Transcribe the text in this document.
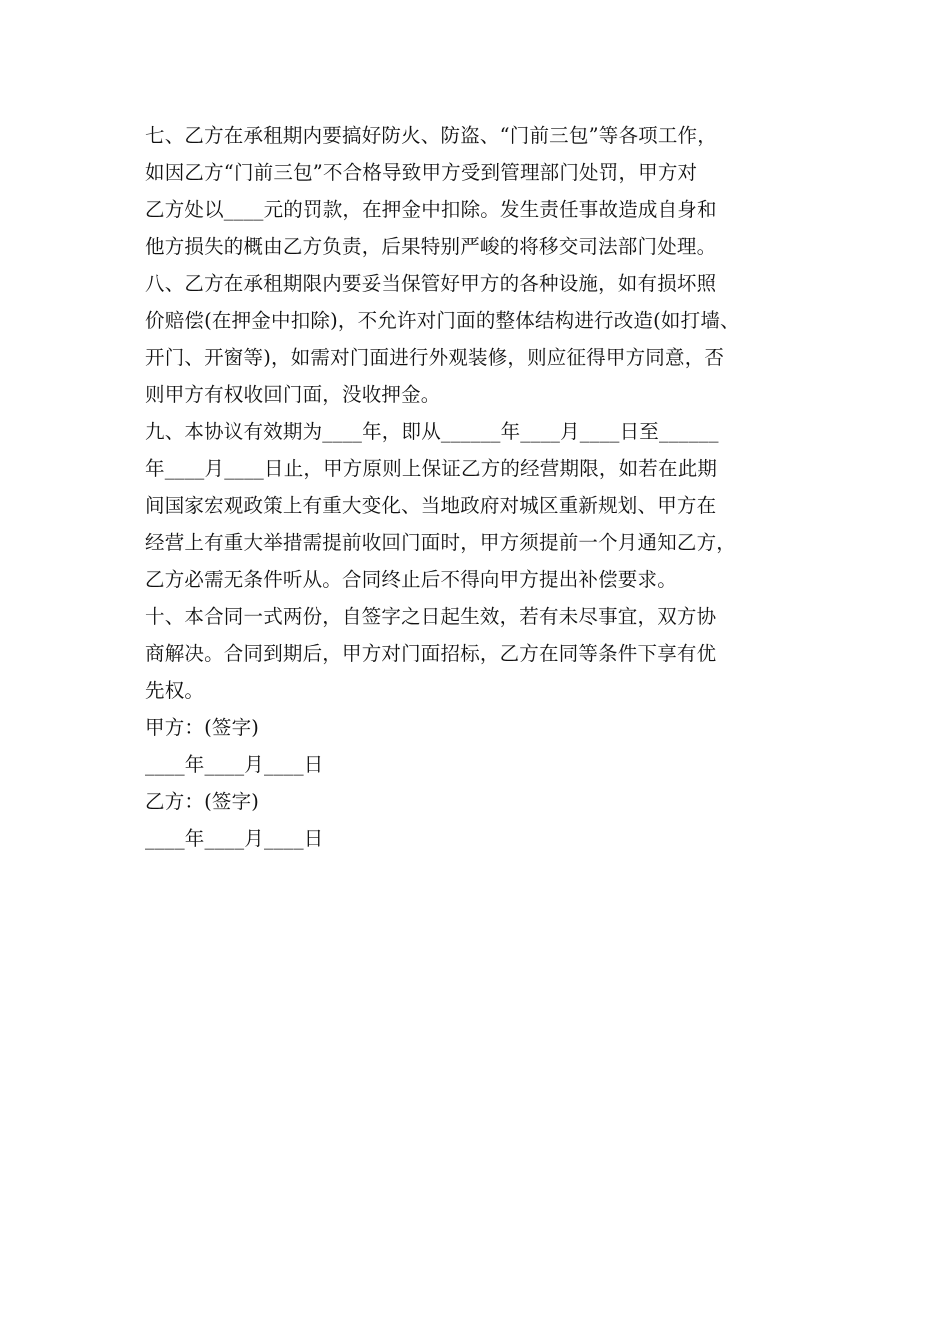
七、乙方在承租期内要搞好防火、防盗、“门前三包”等各项工作，
如因乙方“门前三包”不合格导致甲方受到管理部门处罚，甲方对
乙方处以____元的罚款，在押金中扣除。发生责任事故造成自身和
他方损失的概由乙方负责，后果特别严峻的将移交司法部门处理。
八、乙方在承租期限内要妥当保管好甲方的各种设施，如有损坏照
价赔偿(在押金中扣除)，不允许对门面的整体结构进行改造(如打墙、
开门、开窗等)，如需对门面进行外观装修，则应征得甲方同意，否
则甲方有权收回门面，没收押金。
九、本协议有效期为____年，即从______年____月____日至______
年____月____日止，甲方原则上保证乙方的经营期限，如若在此期
间国家宏观政策上有重大变化、当地政府对城区重新规划、甲方在
经营上有重大举措需提前收回门面时，甲方须提前一个月通知乙方，
乙方必需无条件听从。合同终止后不得向甲方提出补偿要求。
十、本合同一式两份，自签字之日起生效，若有未尽事宜，双方协
商解决。合同到期后，甲方对门面招标，乙方在同等条件下享有优
先权。
甲方：(签字)
____年____月____日
乙方：(签字)
____年____月____日
